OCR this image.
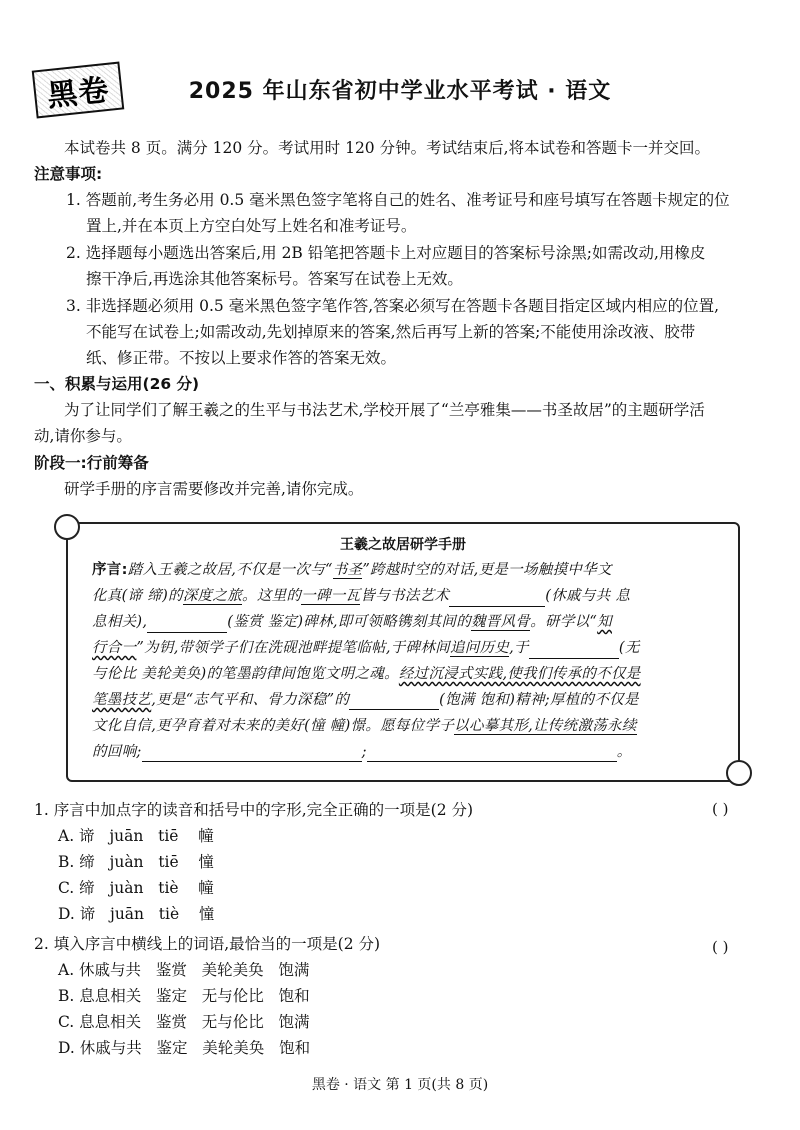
黑卷	2025 年山东省初中学业水平考试 · 语文
本试卷共 8 页。满分 120 分。考试用时 120 分钟。考试结束后,将本试卷和答题卡一并交回。
注意事项:
1. 答题前,考生务必用 0.5 毫米黑色签字笔将自己的姓名、准考证号和座号填写在答题卡规定的位
置上,并在本页上方空白处写上姓名和准考证号。
2. 选择题每小题选出答案后,用 2B 铅笔把答题卡上对应题目的答案标号涂黑;如需改动,用橡皮
擦干净后,再选涂其他答案标号。答案写在试卷上无效。
3. 非选择题必须用 0.5 毫米黑色签字笔作答,答案必须写在答题卡各题目指定区域内相应的位置,
不能写在试卷上;如需改动,先划掉原来的答案,然后再写上新的答案;不能使用涂改液、胶带
纸、修正带。不按以上要求作答的答案无效。
一、积累与运用(26 分)
为了让同学们了解王羲之的生平与书法艺术,学校开展了“兰亭雅集——书圣故居”的主题研学活
动,请你参与。
阶段一:行前筹备
研学手册的序言需要修改并完善,请你完成。
王羲之故居研学手册
序言:踏入王羲之故居,不仅是一次与“书圣”跨越时空的对话,更是一场触摸中华文
化真(谛 缔)的深度之旅。这里的一碑一瓦皆与书法艺术	(休戚与共 息
息相关),	(鉴赏 鉴定)碑林,即可领略镌刻其间的魏晋风骨。研学以“知
行合一”为钥,带领学子们在洗砚池畔提笔临帖,于碑林间追问历史,于	(无
与伦比 美轮美奂)的笔墨韵律间饱览文明之魂。经过沉浸式实践,使我们传承的不仅是
笔墨技艺,更是“志气平和、骨力深稳”的	(饱满 饱和)精神;厚植的不仅是
文化自信,更孕育着对未来的美好(憧 幢)憬。愿每位学子以心摹其形,让传统激荡永续
的回响;	;	。
1. 序言中加点字的读音和括号中的字形,完全正确的一项是(2 分)	( )
A. 谛   juān   tiē    幢
B. 缔   juàn   tiē    憧
C. 缔   juàn   tiè    幢
D. 谛   juān   tiè    憧
2. 填入序言中横线上的词语,最恰当的一项是(2 分)	( )
A. 休戚与共   鉴赏   美轮美奂   饱满
B. 息息相关   鉴定   无与伦比   饱和
C. 息息相关   鉴赏   无与伦比   饱满
D. 休戚与共   鉴定   美轮美奂   饱和
黑卷 · 语文 第 1 页(共 8 页)
